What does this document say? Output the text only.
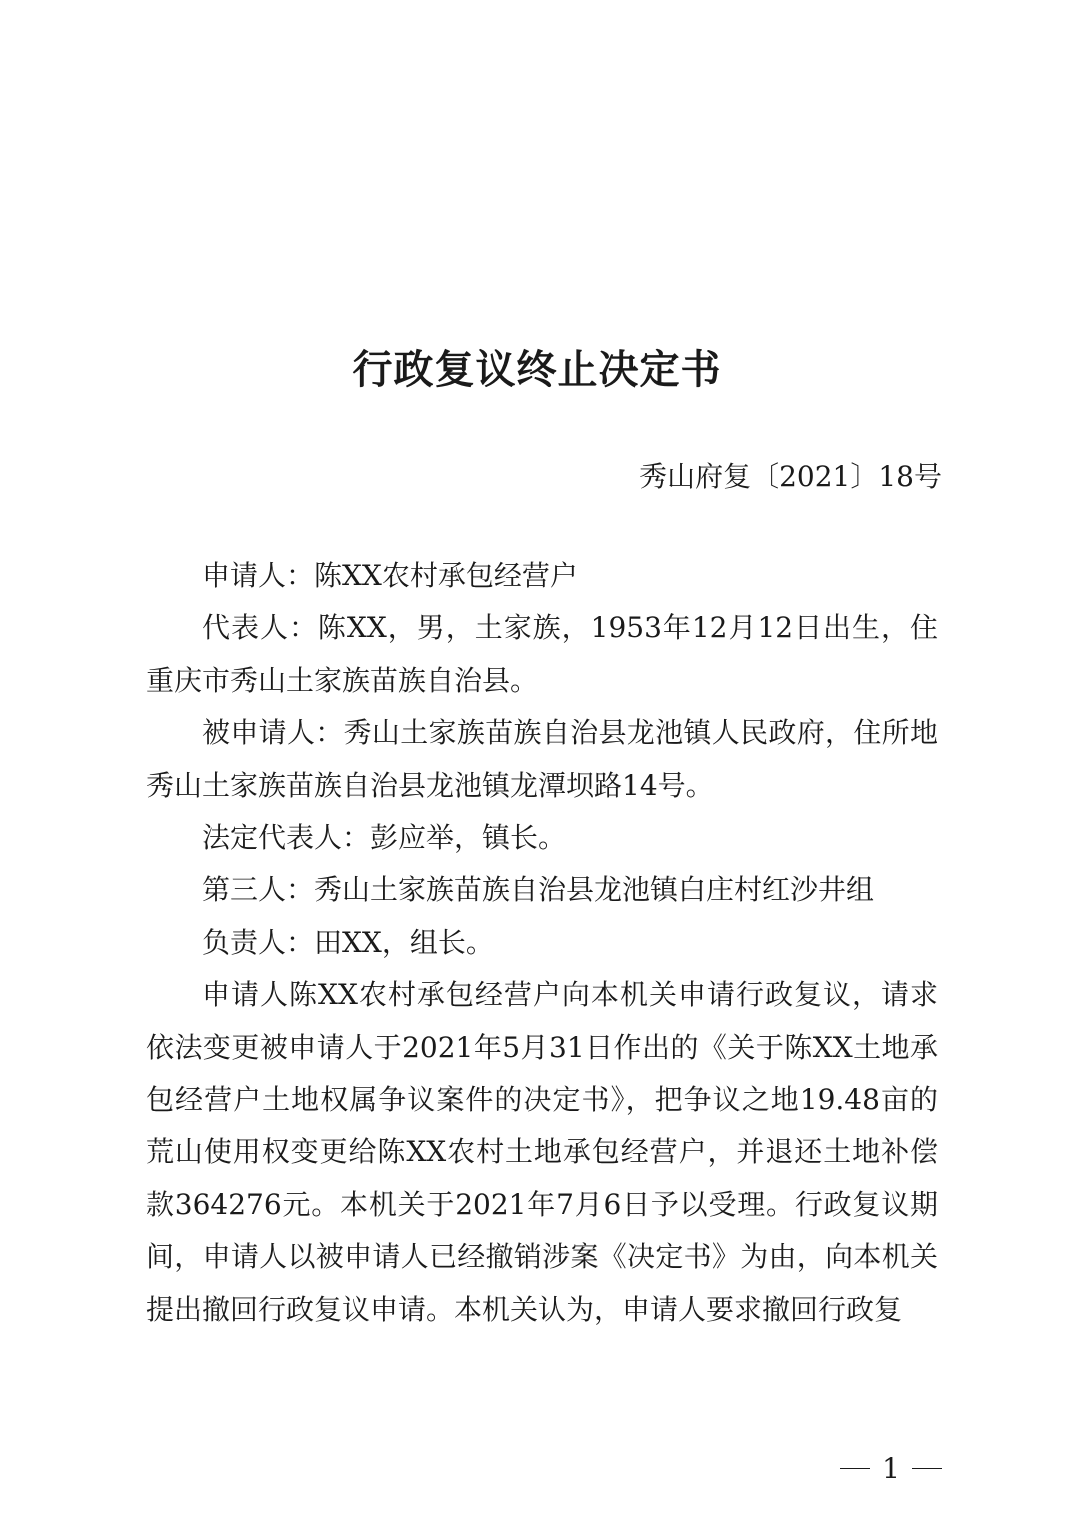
行政复议终止决定书
秀山府复〔2021〕18号

申请人：陈XX农村承包经营户

代表人：陈XX，男，土家族，1953年12月12日出生，住重庆市秀山土家族苗族自治县。

被申请人：秀山土家族苗族自治县龙池镇人民政府，住所地秀山土家族苗族自治县龙池镇龙潭坝路14号。

法定代表人：彭应举，镇长。

第三人：秀山土家族苗族自治县龙池镇白庄村红沙井组

负责人：田XX，组长。

申请人陈XX农村承包经营户向本机关申请行政复议，请求依法变更被申请人于2021年5月31日作出的《关于陈XX土地承包经营户土地权属争议案件的决定书》，把争议之地19.48亩的荒山使用权变更给陈XX农村土地承包经营户，并退还土地补偿款364276元。本机关于2021年7月6日予以受理。行政复议期间，申请人以被申请人已经撤销涉案《决定书》为由，向本机关提出撤回行政复议申请。本机关认为，申请人要求撤回行政复

1
